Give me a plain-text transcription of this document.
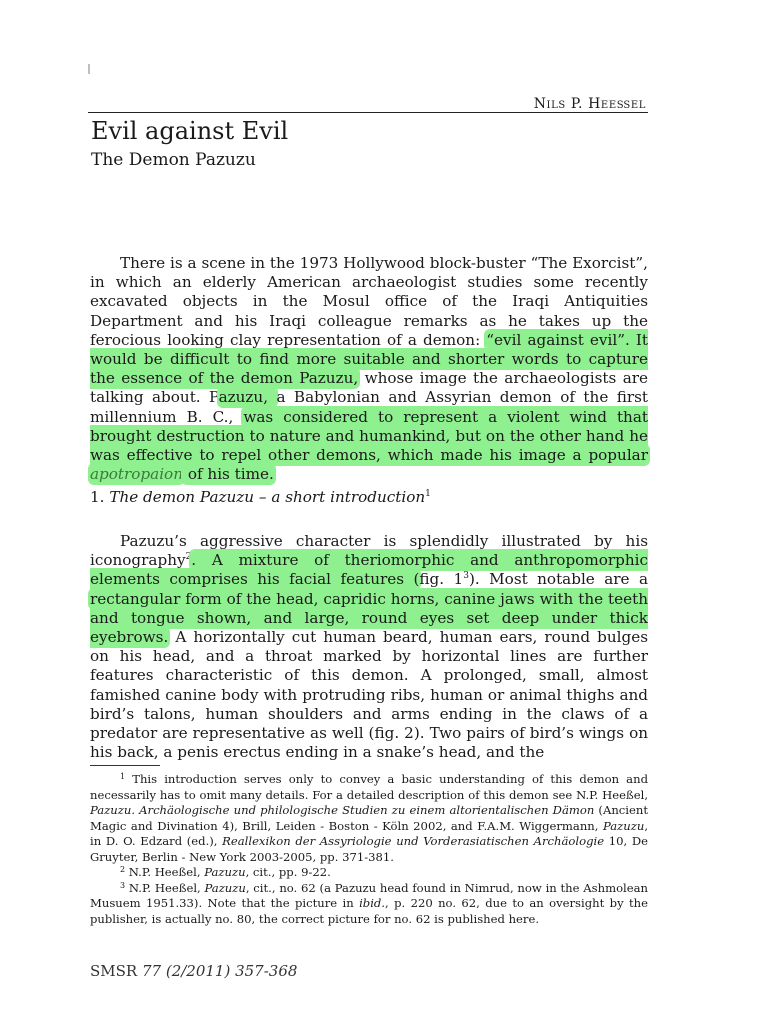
Nils P. Heeßel
Evil against Evil
The Demon Pazuzu

There is a scene in the 1973 Hollywood block-buster “The Exorcist”, in which an elderly American archaeologist studies some recently excavated objects in the Mosul office of the Iraqi Antiquities Department and his Iraqi colleague remarks as he takes up the ferocious looking clay representation of a demon: “evil against evil”. It would be difficult to find more suitable and shorter words to capture the essence of the demon Pazuzu, whose image the archaeologists are talking about. Pazuzu, a Babylonian and Assyrian demon of the first millennium B. C., was considered to represent a violent wind that brought destruction to nature and humankind, but on the other hand he was effective to repel other demons, which made his image a popular apotropaion of his time.

1. The demon Pazuzu – a short introduction$^1$

Pazuzu’s aggressive character is splendidly illustrated by his iconography$^2$. A mixture of theriomorphic and anthropomorphic elements comprises his facial features (fig. $1^3$). Most notable are a rectangular form of the head, capridic horns, canine jaws with the teeth and tongue shown, and large, round eyes set deep under thick eyebrows. A horizontally cut human beard, human ears, round bulges on his head, and a throat marked by horizontal lines are further features characteristic of this demon. A prolonged, small, almost famished canine body with protruding ribs, human or animal thighs and bird’s talons, human shoulders and arms ending in the claws of a predator are representative as well (fig. 2). Two pairs of bird’s wings on his back, a penis erectus ending in a snake’s head, and the

$^1$ This introduction serves only to convey a basic understanding of this demon and necessarily has to omit many details. For a detailed description of this demon see N.P. Heeßel, Pazuzu. Archäologische und philologische Studien zu einem altorientalischen Dämon (Ancient Magic and Divination 4), Brill, Leiden - Boston - Köln 2002, and F.A.M. Wiggermann, Pazuzu, in D. O. Edzard (ed.), Reallexikon der Assyriologie und Vorderasiatischen Archäologie 10, De Gruyter, Berlin - New York 2003-2005, pp. 371-381.

$^2$ N.P. Heeßel, Pazuzu, cit., pp. 9-22.

$^3$ N.P. Heeßel, Pazuzu, cit., no. 62 (a Pazuzu head found in Nimrud, now in the Ashmolean Musuem 1951.33). Note that the picture in ibid., p. 220 no. 62, due to an oversight by the publisher, is actually no. 80, the correct picture for no. 62 is published here.

SMSR 77 (2/2011) 357-368
